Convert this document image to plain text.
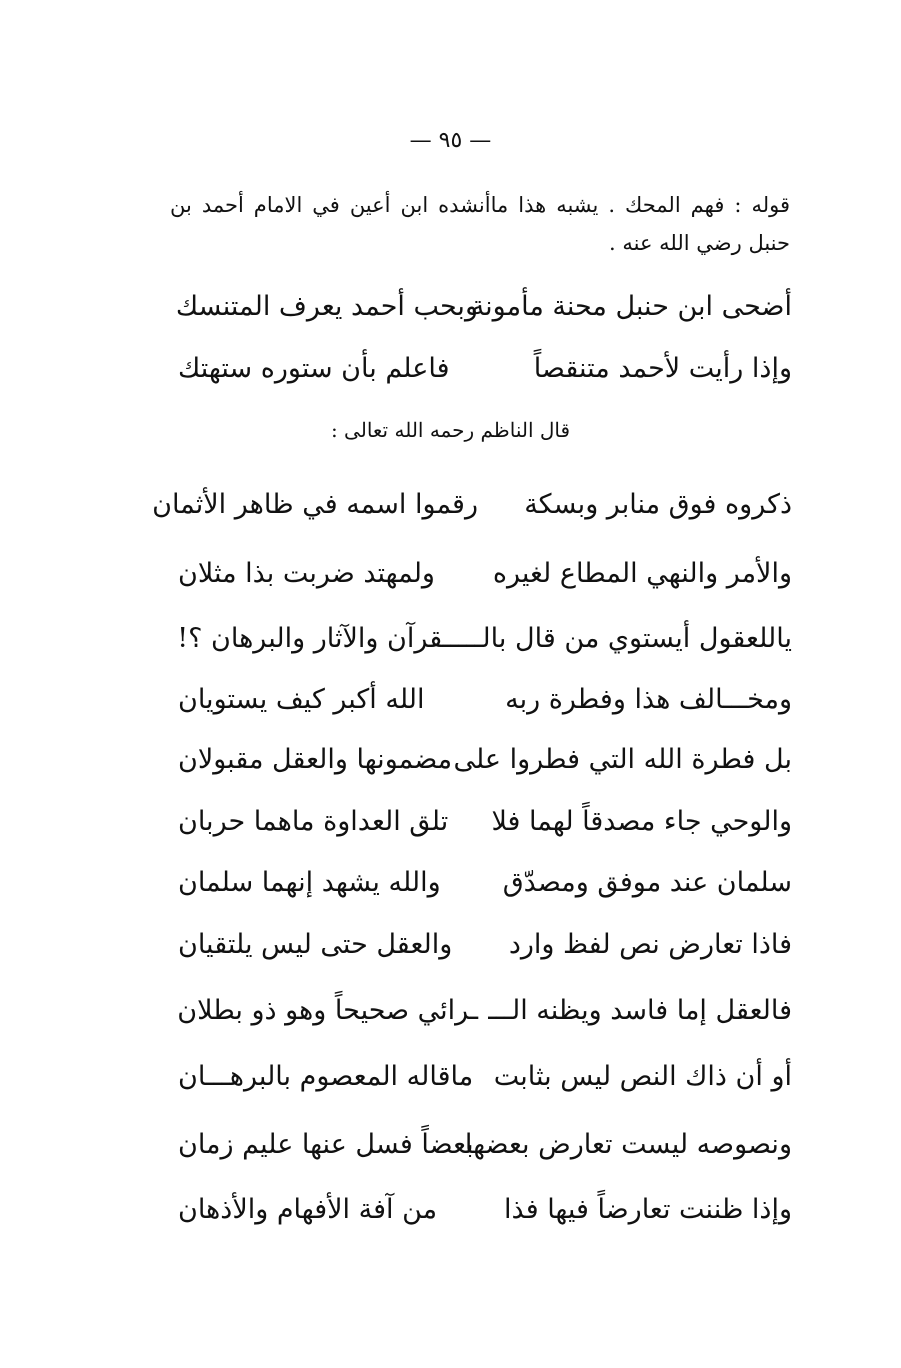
— ٩٥ —
قوله : فهم المحك . يشبه هذا ماأنشده ابن أعين في الامام أحمد بن حنبل رضي الله عنه .
أضحى ابن حنبل محنة مأمونة
وبحب أحمد يعرف المتنسك
وإذا رأيت لأحمد متنقصاً
فاعلم بأن ستوره ستهتك
قال الناظم رحمه الله تعالى :
ذكروه فوق منابر وبسكة
رقموا اسمه في ظاهر الأثمان
والأمر والنهي المطاع لغيره
ولمهتد ضربت بذا مثلان
ياللعقول أيستوي من قال بالـــــقرآن والآثار والبرهان ؟!
ومخـــالف هذا وفطرة ربه
الله أكبر كيف يستويان
بل فطرة الله التي فطروا على
مضمونها والعقل مقبولان
والوحي جاء مصدقاً لهما فلا
تلق العداوة ماهما حربان
سلمان عند موفق ومصدّق
والله يشهد إنهما سلمان
فاذا تعارض نص لفظ وارد
والعقل حتى ليس يلتقيان
فالعقل إما فاسد ويظنه الـــ
ـرائي صحيحاً وهو ذو بطلان
أو أن ذاك النص ليس بثابت
ماقاله المعصوم بالبرهـــان
ونصوصه ليست تعارض بعضها
بعضاً فسل عنها عليم زمان
وإذا ظننت تعارضاً فيها فذا
من آفة الأفهام والأذهان
